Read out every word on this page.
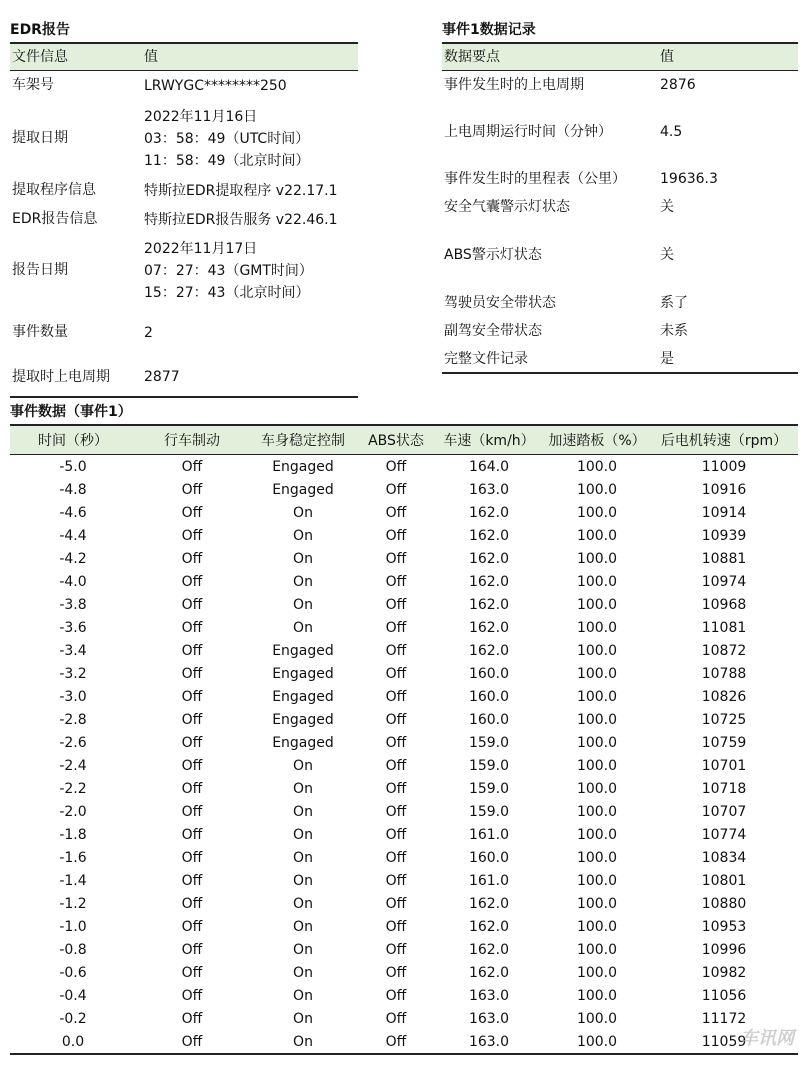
EDR报告
文件信息	值
车架号	LRWYGC********250

提取日期	2022年11月16日
03：58：49（UTC时间）
11：58：49（北京时间）

提取程序信息	特斯拉EDR提取程序 v22.17.1

EDR报告信息	特斯拉EDR报告服务 v22.46.1

报告日期	2022年11月17日
07：27：43（GMT时间）
15：27：43（北京时间）

事件数量	2

提取时上电周期	2877
事件1数据记录
数据要点	值
事件发生时的上电周期	2876
上电周期运行时间（分钟）	4.5
事件发生时的里程表（公里）	19636.3
安全气囊警示灯状态	关
ABS警示灯状态	关
驾驶员安全带状态	系了
副驾安全带状态	未系
完整文件记录	是
事件数据（事件1）
时间（秒）	行车制动	车身稳定控制	ABS状态	车速（km/h）	加速踏板（%）	后电机转速（rpm）
-5.0	Off	Engaged	Off	164.0	100.0	11009
-4.8	Off	Engaged	Off	163.0	100.0	10916
-4.6	Off	On	Off	162.0	100.0	10914
-4.4	Off	On	Off	162.0	100.0	10939
-4.2	Off	On	Off	162.0	100.0	10881
-4.0	Off	On	Off	162.0	100.0	10974
-3.8	Off	On	Off	162.0	100.0	10968
-3.6	Off	On	Off	162.0	100.0	11081
-3.4	Off	Engaged	Off	162.0	100.0	10872
-3.2	Off	Engaged	Off	160.0	100.0	10788
-3.0	Off	Engaged	Off	160.0	100.0	10826
-2.8	Off	Engaged	Off	160.0	100.0	10725
-2.6	Off	Engaged	Off	159.0	100.0	10759
-2.4	Off	On	Off	159.0	100.0	10701
-2.2	Off	On	Off	159.0	100.0	10718
-2.0	Off	On	Off	159.0	100.0	10707
-1.8	Off	On	Off	161.0	100.0	10774
-1.6	Off	On	Off	160.0	100.0	10834
-1.4	Off	On	Off	161.0	100.0	10801
-1.2	Off	On	Off	162.0	100.0	10880
-1.0	Off	On	Off	162.0	100.0	10953
-0.8	Off	On	Off	162.0	100.0	10996
-0.6	Off	On	Off	162.0	100.0	10982
-0.4	Off	On	Off	163.0	100.0	11056
-0.2	Off	On	Off	163.0	100.0	11172
0.0	Off	On	Off	163.0	100.0	11059
车讯网
